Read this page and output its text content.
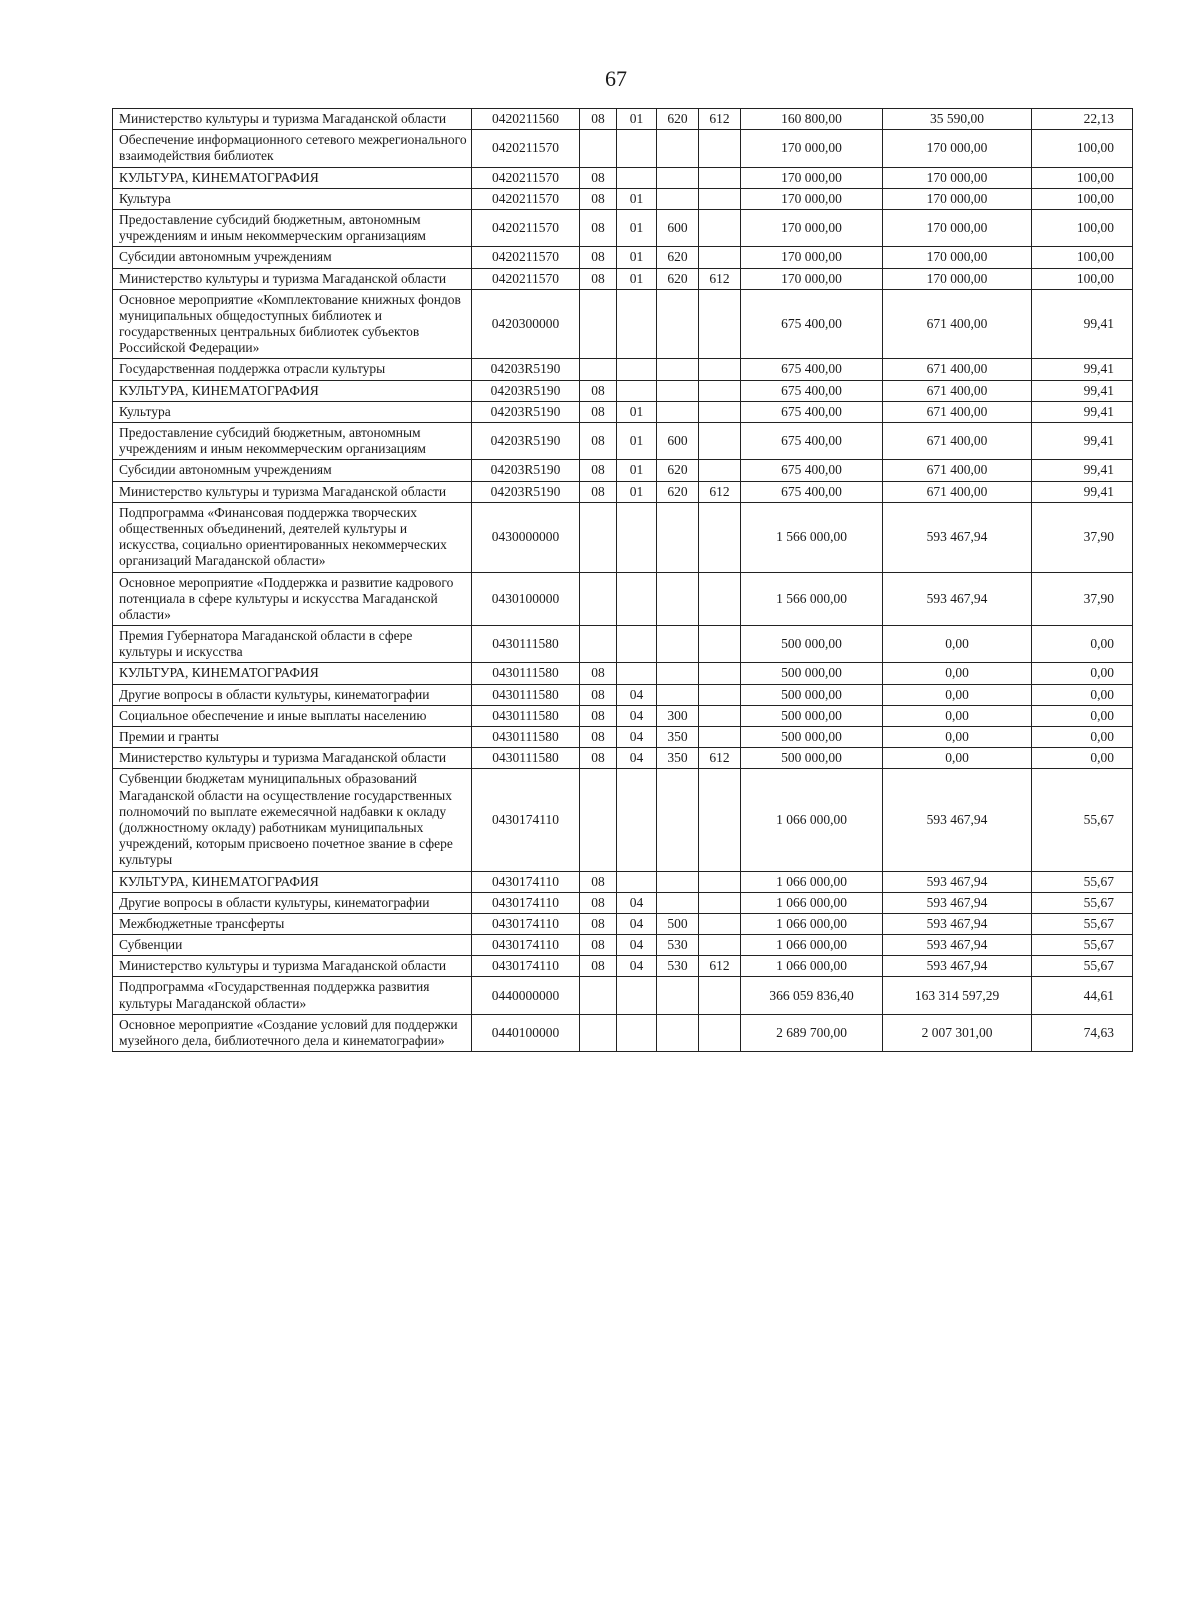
67
Министерство культуры и туризма Магаданской области	0420211560	08	01	620	612	160 800,00	35 590,00	22,13
Обеспечение информационного сетевого межрегионального взаимодействия библиотек	0420211570					170 000,00	170 000,00	100,00
КУЛЬТУРА, КИНЕМАТОГРАФИЯ	0420211570	08				170 000,00	170 000,00	100,00
Культура	0420211570	08	01			170 000,00	170 000,00	100,00
Предоставление субсидий бюджетным, автономным учреждениям и иным некоммерческим организациям	0420211570	08	01	600		170 000,00	170 000,00	100,00
Субсидии автономным учреждениям	0420211570	08	01	620		170 000,00	170 000,00	100,00
Министерство культуры и туризма Магаданской области	0420211570	08	01	620	612	170 000,00	170 000,00	100,00
Основное мероприятие «Комплектование книжных фондов муниципальных общедоступных библиотек и государственных центральных библиотек субъектов Российской Федерации»	0420300000					675 400,00	671 400,00	99,41
Государственная поддержка отрасли культуры	04203R5190					675 400,00	671 400,00	99,41
КУЛЬТУРА, КИНЕМАТОГРАФИЯ	04203R5190	08				675 400,00	671 400,00	99,41
Культура	04203R5190	08	01			675 400,00	671 400,00	99,41
Предоставление субсидий бюджетным, автономным учреждениям и иным некоммерческим организациям	04203R5190	08	01	600		675 400,00	671 400,00	99,41
Субсидии автономным учреждениям	04203R5190	08	01	620		675 400,00	671 400,00	99,41
Министерство культуры и туризма Магаданской области	04203R5190	08	01	620	612	675 400,00	671 400,00	99,41
Подпрограмма «Финансовая поддержка творческих общественных объединений, деятелей культуры и искусства, социально ориентированных некоммерческих организаций Магаданской области»	0430000000					1 566 000,00	593 467,94	37,90
Основное мероприятие «Поддержка и развитие кадрового потенциала в сфере культуры и искусства Магаданской области»	0430100000					1 566 000,00	593 467,94	37,90
Премия Губернатора Магаданской области в сфере культуры и искусства	0430111580					500 000,00	0,00	0,00
КУЛЬТУРА, КИНЕМАТОГРАФИЯ	0430111580	08				500 000,00	0,00	0,00
Другие вопросы в области культуры, кинематографии	0430111580	08	04			500 000,00	0,00	0,00
Социальное обеспечение и иные выплаты населению	0430111580	08	04	300		500 000,00	0,00	0,00
Премии и гранты	0430111580	08	04	350		500 000,00	0,00	0,00
Министерство культуры и туризма Магаданской области	0430111580	08	04	350	612	500 000,00	0,00	0,00
Субвенции бюджетам муниципальных образований Магаданской области на осуществление государственных полномочий по выплате ежемесячной надбавки к окладу (должностному окладу) работникам муниципальных учреждений, которым присвоено почетное звание в сфере культуры	0430174110					1 066 000,00	593 467,94	55,67
КУЛЬТУРА, КИНЕМАТОГРАФИЯ	0430174110	08				1 066 000,00	593 467,94	55,67
Другие вопросы в области культуры, кинематографии	0430174110	08	04			1 066 000,00	593 467,94	55,67
Межбюджетные трансферты	0430174110	08	04	500		1 066 000,00	593 467,94	55,67
Субвенции	0430174110	08	04	530		1 066 000,00	593 467,94	55,67
Министерство культуры и туризма Магаданской области	0430174110	08	04	530	612	1 066 000,00	593 467,94	55,67
Подпрограмма «Государственная поддержка развития культуры Магаданской области»	0440000000					366 059 836,40	163 314 597,29	44,61
Основное мероприятие «Создание условий для поддержки музейного дела, библиотечного дела и кинематографии»	0440100000					2 689 700,00	2 007 301,00	74,63
